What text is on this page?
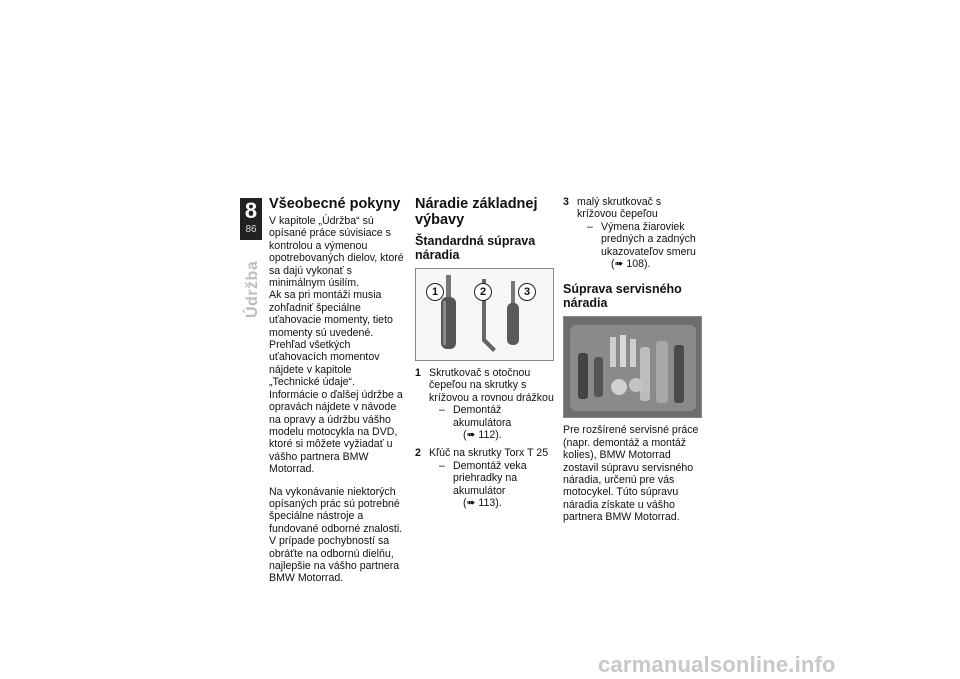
8
86
Údržba
Všeobecné pokyny

V kapitole „Údržba“ sú opísané práce súvisiace s kontrolou a výmenou opotrebovaných dielov, ktoré sa dajú vykonať s minimálnym úsilím.

Ak sa pri montáži musia zohľadniť špeciálne uťahovacie momenty, tieto momenty sú uvedené. Prehľad všetkých uťahovacích momentov nájdete v kapitole „Technické údaje“.

Informácie o ďalšej údržbe a opravách nájdete v návode na opravy a údržbu vášho modelu motocykla na DVD, ktoré si môžete vyžiadať u vášho partnera BMW Motorrad.

Na vykonávanie niektorých opísaných prác sú potrebné špeciálne nástroje a fundované odborné znalosti. V prípade pochybností sa obráťte na odbornú dielňu, najlepšie na vášho partnera BMW Motorrad.

Náradie základnej výbavy
Štandardná súprava náradia
1	2	3
1 Skrutkovač s otočnou čepeľou na skrutky s krížovou a rovnou drážkou
– Demontáž akumulátora
(➠ 112).
2 Kľúč na skrutky Torx T 25
– Demontáž veka priehradky na akumulátor
(➠ 113).
3 malý skrutkovač s krížovou čepeľou
– Výmena žiaroviek predných a zadných ukazovateľov smeru
(➠ 108).
Súprava servisného náradia

Pre rozšírené servisné práce (napr. demontáž a montáž kolies), BMW Motorrad zostavil súpravu servisného náradia, určenú pre vás motocykel. Túto súpravu náradia získate u vášho partnera BMW Motorrad.

carmanualsonline.info
